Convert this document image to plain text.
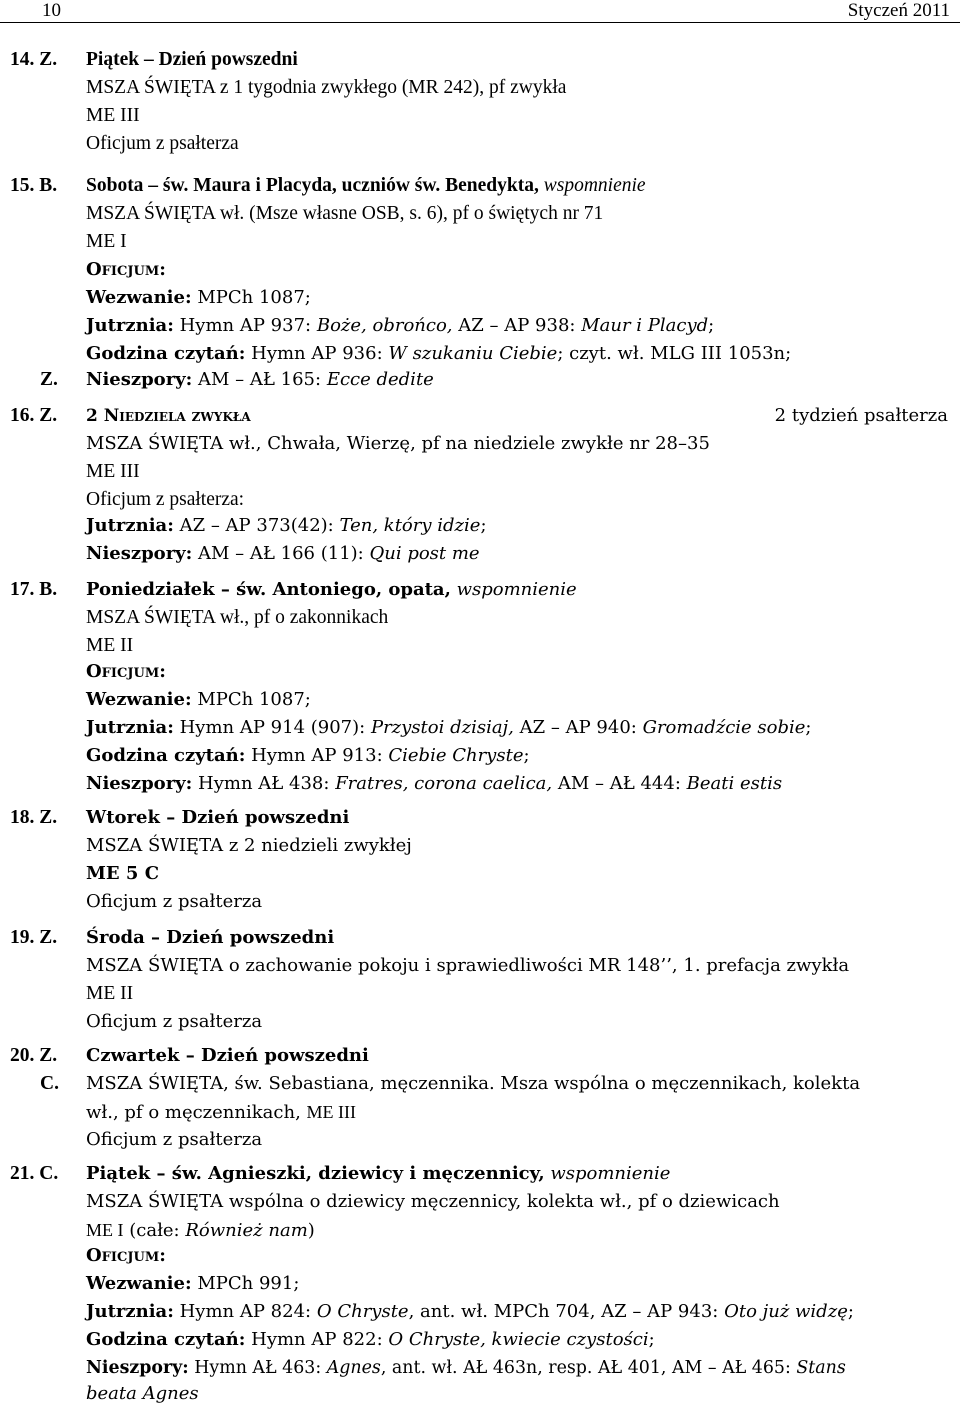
10	Styczeń 2011
14. Z. Piątek – Dzień powszedni
MSZA ŚWIĘTA z 1 tygodnia zwykłego (MR 242), pf zwykła
ME III
Oficjum z psałterza
15. B. Sobota – św. Maura i Placyda, uczniów św. Benedykta, wspomnienie
MSZA ŚWIĘTA wł. (Msze własne OSB, s. 6), pf o świętych nr 71
ME I
Oficjum:
Wezwanie: MPCh 1087;
Jutrznia: Hymn AP 937: Boże, obrońco, AZ – AP 938: Maur i Placyd;
Godzina czytań: Hymn AP 936: W szukaniu Ciebie; czyt. wł. MLG III 1053n;
Z. Nieszpory: AM – AŁ 165: Ecce dedite
16. Z. 2 Niedziela zwykła	2 tydzień psałterza
MSZA ŚWIĘTA wł., Chwała, Wierzę, pf na niedziele zwykłe nr 28–35
ME III
Oficjum z psałterza:
Jutrznia: AZ – AP 373(42): Ten, który idzie;
Nieszpory: AM – AŁ 166 (11): Qui post me
17. B. Poniedziałek – św. Antoniego, opata, wspomnienie
MSZA ŚWIĘTA wł., pf o zakonnikach
ME II
Oficjum:
Wezwanie: MPCh 1087;
Jutrznia: Hymn AP 914 (907): Przystoi dzisiaj, AZ – AP 940: Gromadźcie sobie;
Godzina czytań: Hymn AP 913: Ciebie Chryste;
Nieszpory: Hymn AŁ 438: Fratres, corona caelica, AM – AŁ 444: Beati estis
18. Z. Wtorek – Dzień powszedni
MSZA ŚWIĘTA z 2 niedzieli zwykłej
ME 5 C
Oficjum z psałterza
19. Z. Środa – Dzień powszedni
MSZA ŚWIĘTA o zachowanie pokoju i sprawiedliwości MR 148’’, 1. prefacja zwykła
ME II
Oficjum z psałterza
20. Z. Czwartek – Dzień powszedni
C. MSZA ŚWIĘTA, św. Sebastiana, męczennika. Msza wspólna o męczennikach, kolekta
wł., pf o męczennikach, ME III
Oficjum z psałterza
21. C. Piątek – św. Agnieszki, dziewicy i męczennicy, wspomnienie
MSZA ŚWIĘTA wspólna o dziewicy męczennicy, kolekta wł., pf o dziewicach
ME I (całe: Również nam)
Oficjum:
Wezwanie: MPCh 991;
Jutrznia: Hymn AP 824: O Chryste, ant. wł. MPCh 704, AZ – AP 943: Oto już widzę;
Godzina czytań: Hymn AP 822: O Chryste, kwiecie czystości;
Nieszpory: Hymn AŁ 463: Agnes, ant. wł. AŁ 463n, resp. AŁ 401, AM – AŁ 465: Stans
beata Agnes
